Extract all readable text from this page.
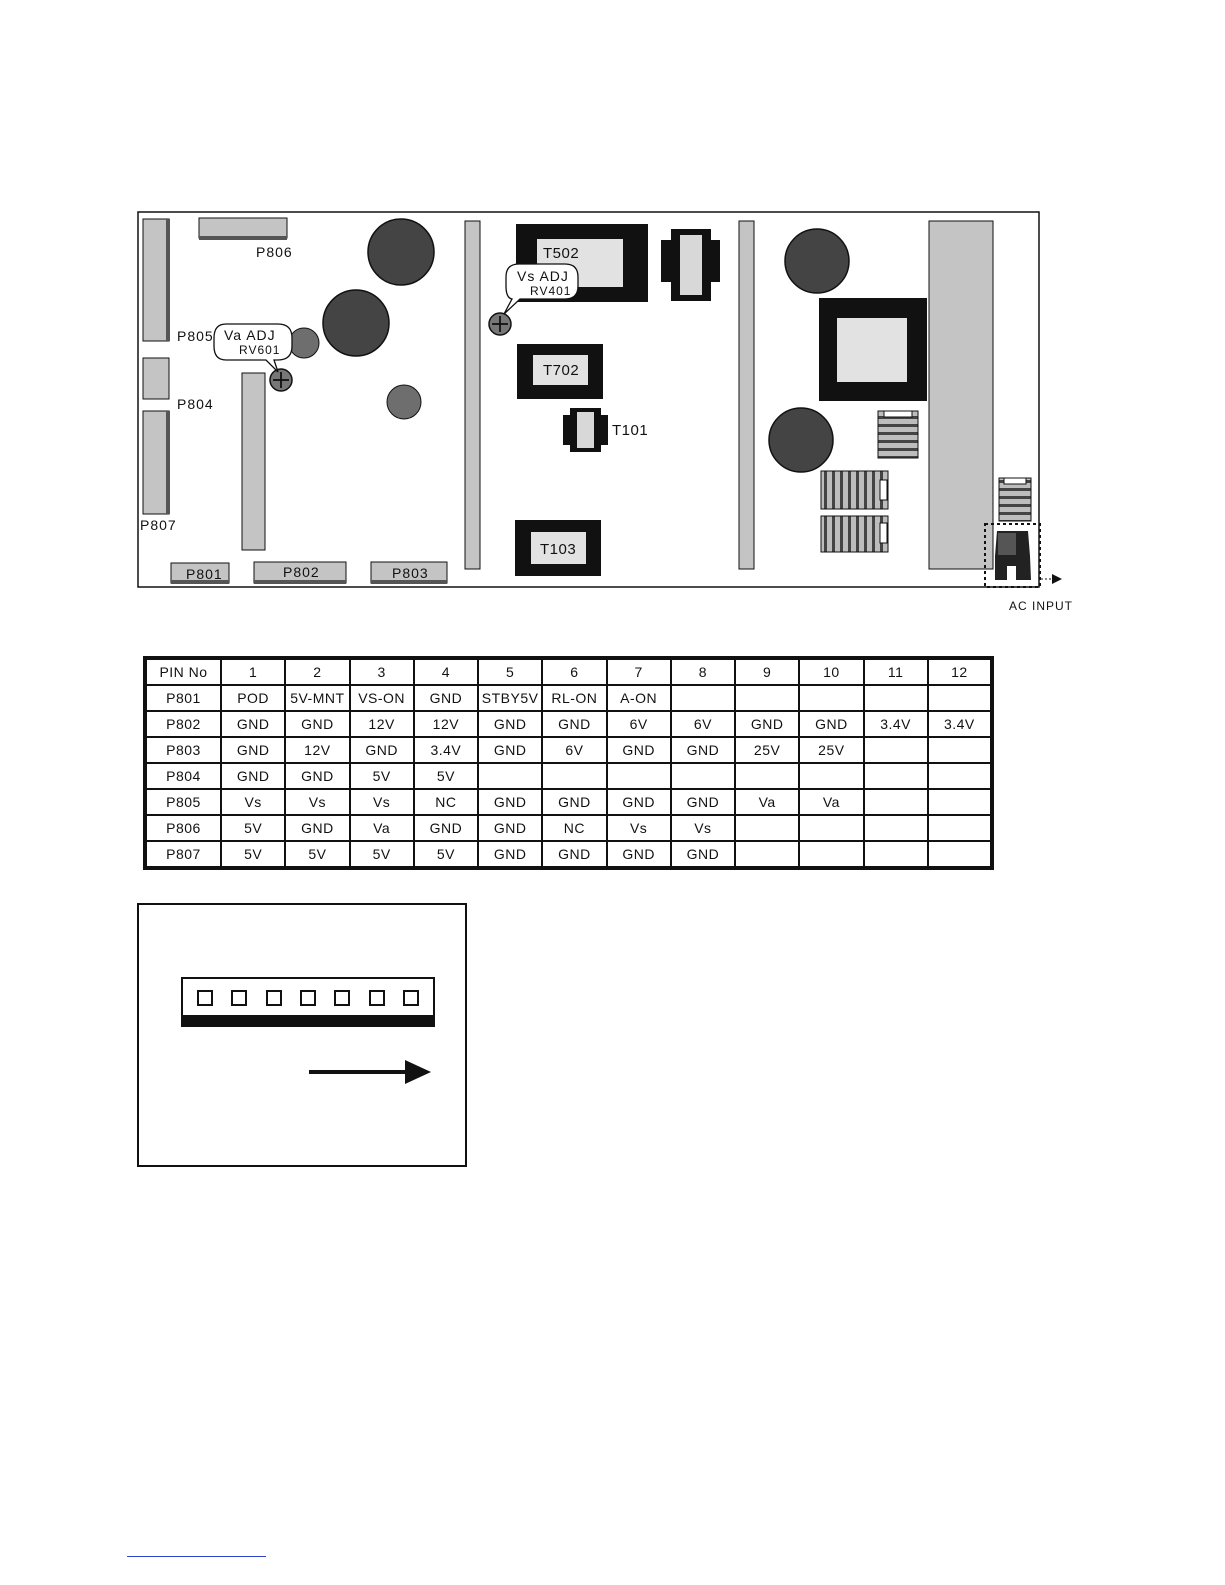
P806
P805
P804
P807
P801	P802	P803
T502
T702
T101
T103
Va ADJ
RV601
Vs ADJ
RV401
AC INPUT
PIN No	1	2	3	4	5	6	7	8	9	10	11	12
P801	POD	5V-MNT	VS-ON	GND	STBY5V	RL-ON	A-ON					
P802	GND	GND	12V	12V	GND	GND	6V	6V	GND	GND	3.4V	3.4V
P803	GND	12V	GND	3.4V	GND	6V	GND	GND	25V	25V		
P804	GND	GND	5V	5V								
P805	Vs	Vs	Vs	NC	GND	GND	GND	GND	Va	Va		
P806	5V	GND	Va	GND	GND	NC	Vs	Vs				
P807	5V	5V	5V	5V	GND	GND	GND	GND				
